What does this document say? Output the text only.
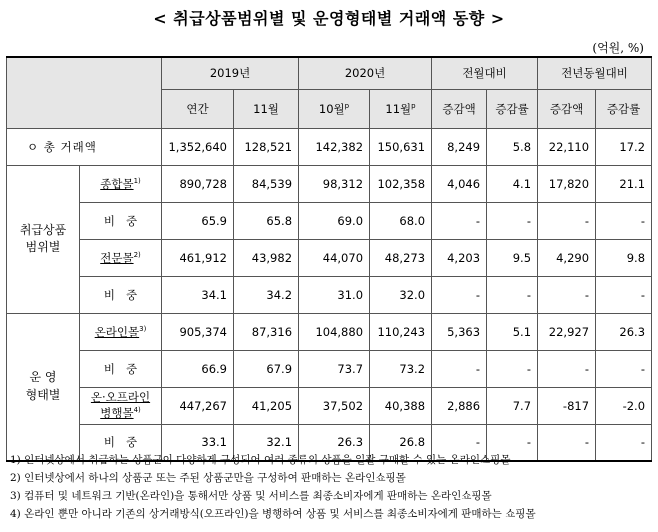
< 취급상품범위별 및 운영형태별 거래액 동향 >
(억원, %)
		2019년		2020년		전월대비		전년동월대비	
		연간	11월	10월$^p$	11월$^p$	증감액	증감률	증감액	증감률
ㅇ 총 거래액		1,352,640	128,521	142,382	150,631	8,249	5.8	22,110	17.2
취급상품
범위별	종합몰$^{1)}$	890,728	84,539	98,312	102,358	4,046	4.1	17,820	21.1
	비   중	65.9	65.8	69.0	68.0	-	-	-	-
	전문몰$^{2)}$	461,912	43,982	44,070	48,273	4,203	9.5	4,290	9.8
	비   중	34.1	34.2	31.0	32.0	-	-	-	-
운 영
형태별	온라인몰$^{3)}$	905,374	87,316	104,880	110,243	5,363	5.1	22,927	26.3
	비   중	66.9	67.9	73.7	73.2	-	-	-	-
	온·오프라인
병행몰$^{4)}$	447,267	41,205	37,502	40,388	2,886	7.7	-817	-2.0
	비   중	33.1	32.1	26.3	26.8	-	-	-	-
1) 인터넷상에서 취급하는 상품군이 다양하게 구성되어 여러 종류의 상품을 일괄 구매할 수 있는 온라인쇼핑몰
2) 인터넷상에서 하나의 상품군 또는 주된 상품군만을 구성하여 판매하는 온라인쇼핑몰
3) 컴퓨터 및 네트워크 기반(온라인)을 통해서만 상품 및 서비스를 최종소비자에게 판매하는 온라인쇼핑몰
4) 온라인 뿐만 아니라 기존의 상거래방식(오프라인)을 병행하여 상품 및 서비스를 최종소비자에게 판매하는 쇼핑몰
